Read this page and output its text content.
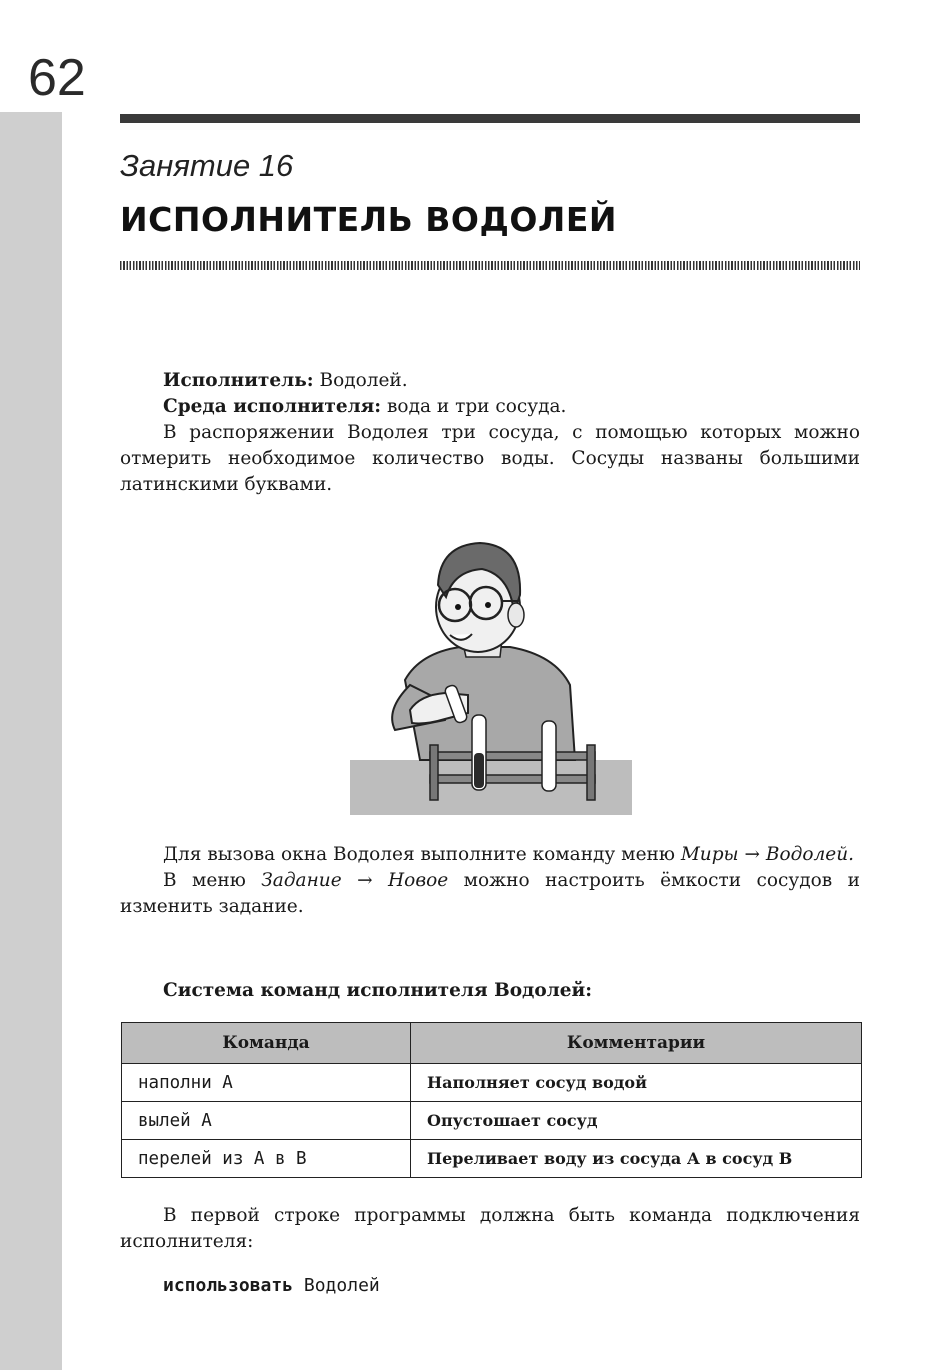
62
Занятие 16
ИСПОЛНИТЕЛЬ ВОДОЛЕЙ
Исполнитель: Водолей.
Среда исполнителя: вода и три сосуда.
В распоряжении Водолея три сосуда, с помощью которых можно отмерить необходимое количество воды. Сосуды названы большими латинскими буквами.
Для вызова окна Водолея выполните команду меню Миры → Водолей.
В меню Задание → Новое можно настроить ёмкости сосудов и изменить задание.
Система команд исполнителя Водолей:
Команда	Комментарии
наполни A	Наполняет сосуд водой
вылей A	Опустошает сосуд
перелей из A в B	Переливает воду из сосуда А в сосуд В
В первой строке программы должна быть команда подключения исполнителя:
использовать Водолей
